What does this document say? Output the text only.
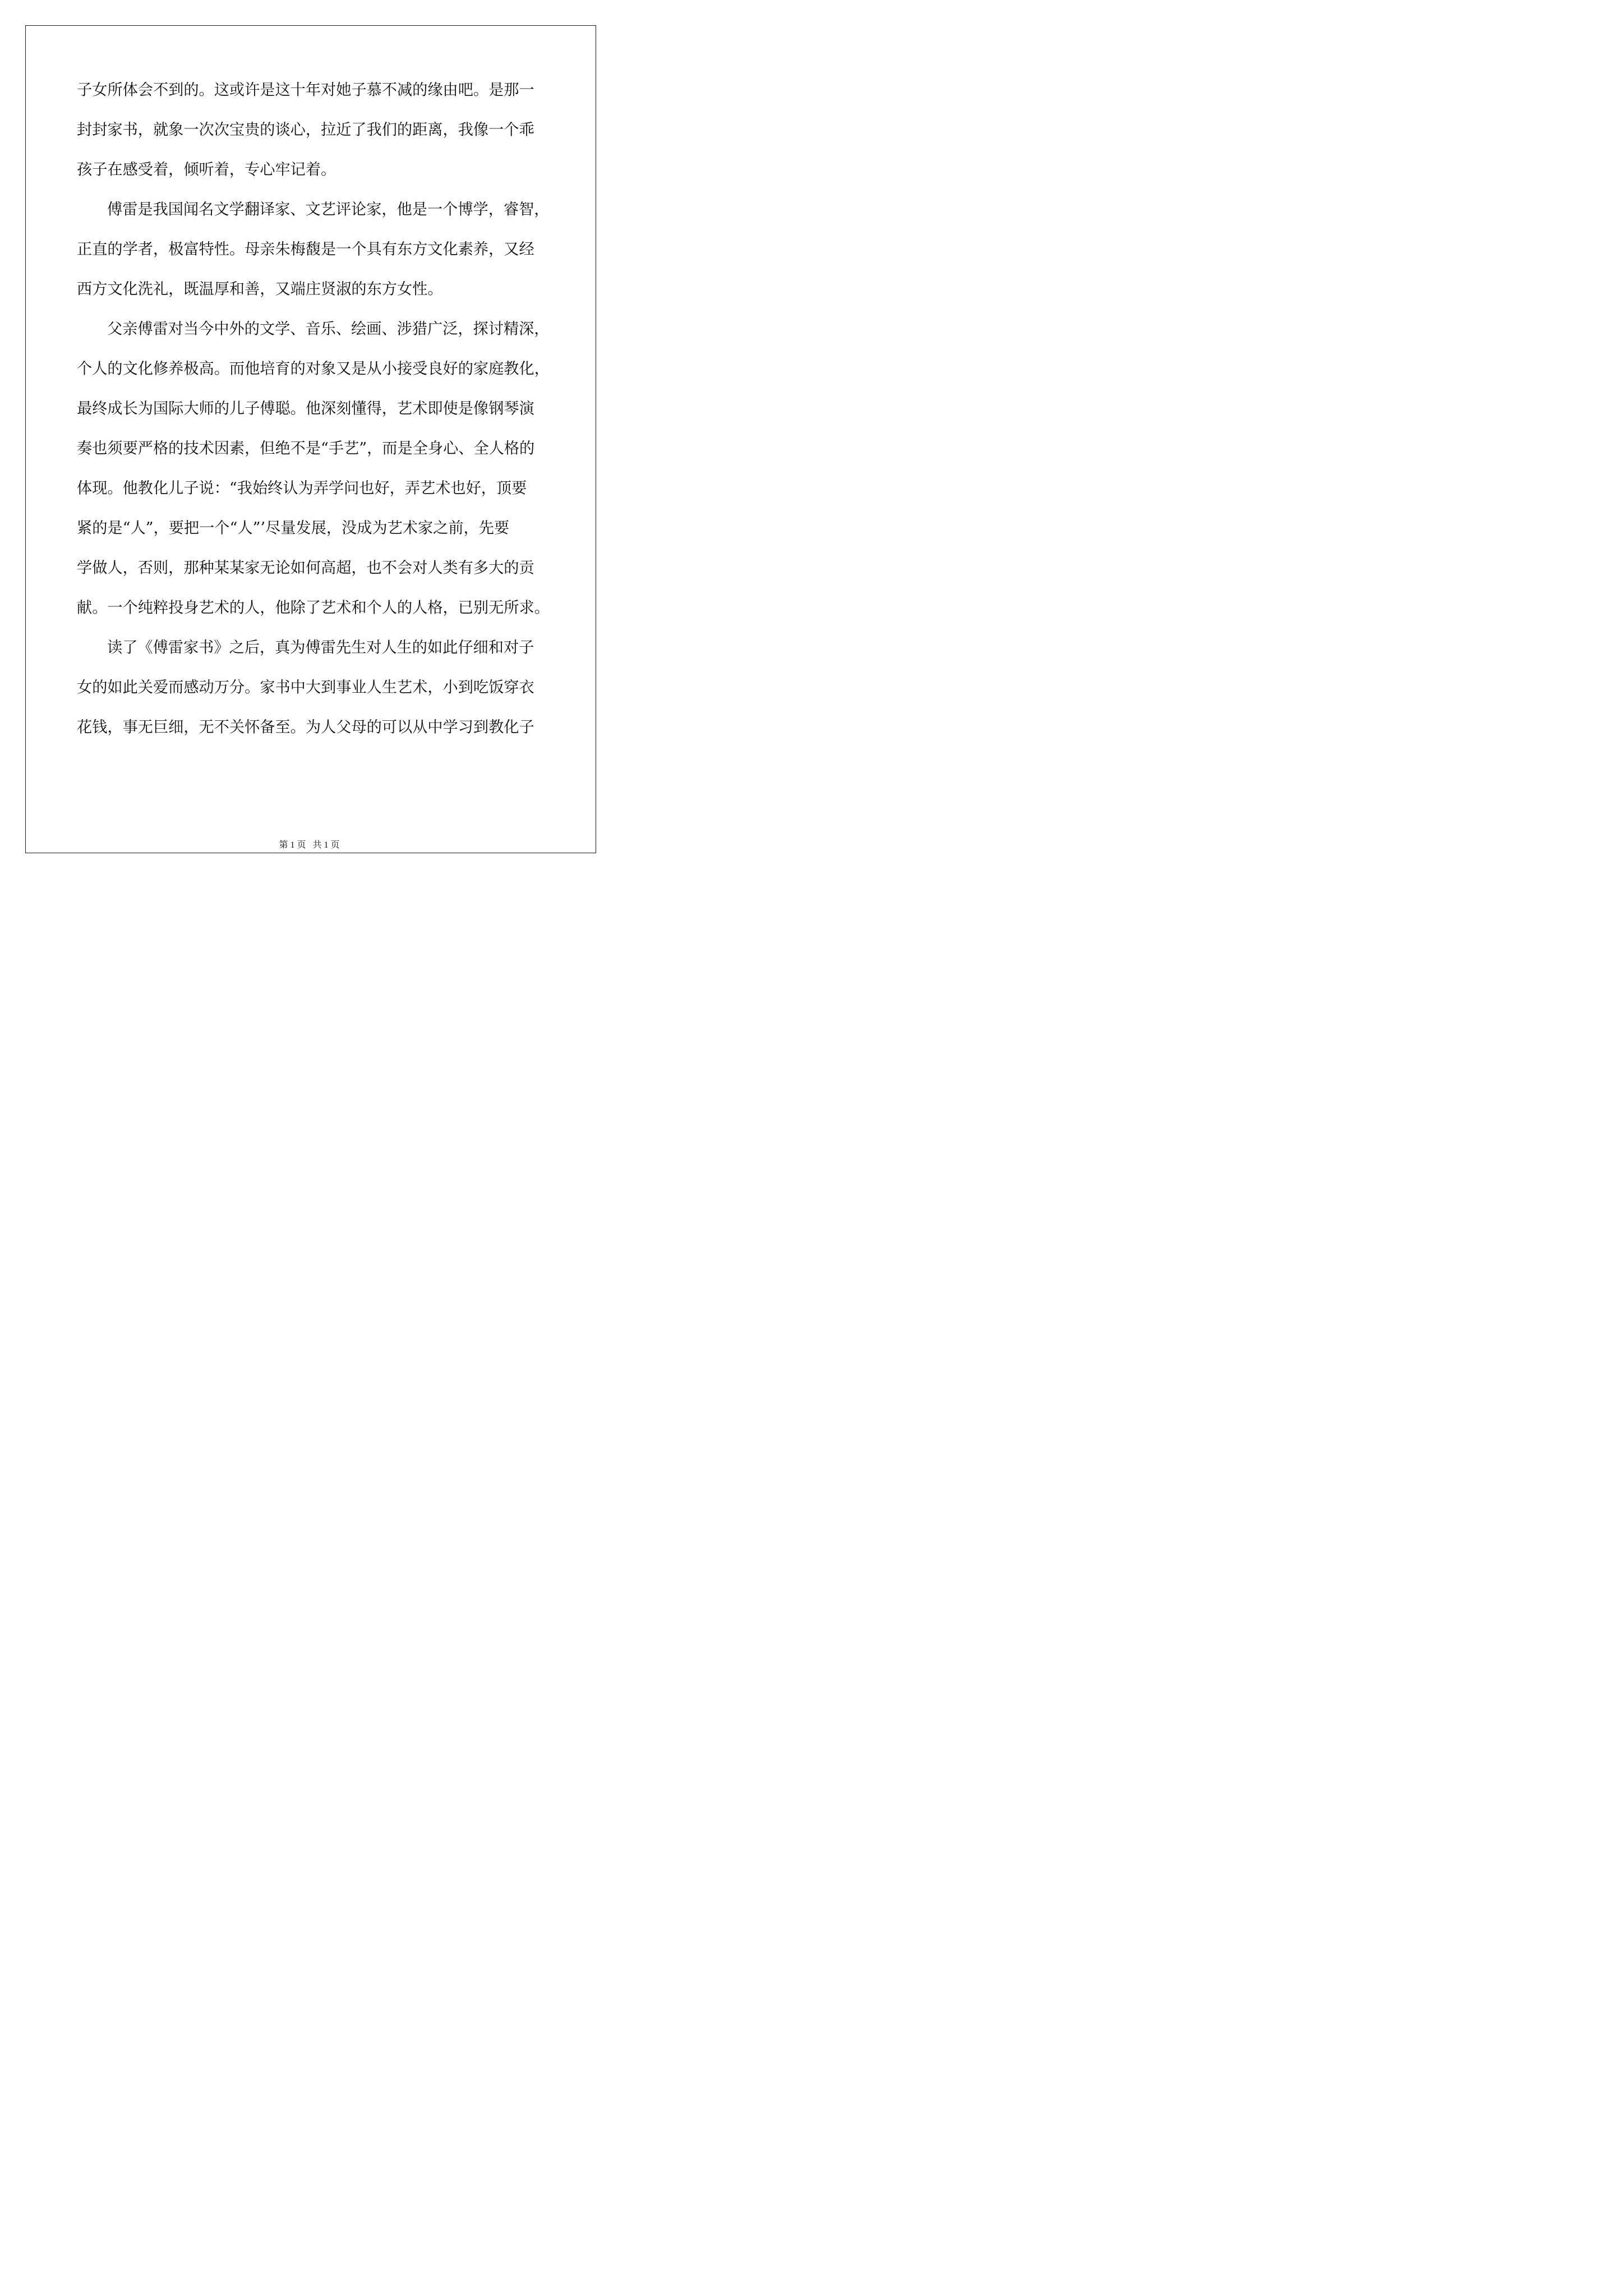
子女所体会不到的。这或许是这十年对她子慕不减的缘由吧。是那一

封封家书，就象一次次宝贵的谈心，拉近了我们的距离，我像一个乖

孩子在感受着，倾听着，专心牢记着。

傅雷是我国闻名文学翻译家、文艺评论家，他是一个博学，睿智，

正直的学者，极富特性。母亲朱梅馥是一个具有东方文化素养，又经

西方文化洗礼，既温厚和善，又端庄贤淑的东方女性。

父亲傅雷对当今中外的文学、音乐、绘画、涉猎广泛，探讨精深，

个人的文化修养极高。而他培育的对象又是从小接受良好的家庭教化，

最终成长为国际大师的儿子傅聪。他深刻懂得，艺术即使是像钢琴演

奏也须要严格的技术因素，但绝不是“手艺”，而是全身心、全人格的

体现。他教化儿子说：“我始终认为弄学问也好，弄艺术也好，顶要

紧的是“人”，要把一个“人”’尽量发展，没成为艺术家之前，先要

学做人，否则，那种某某家无论如何高超，也不会对人类有多大的贡

献。一个纯粹投身艺术的人，他除了艺术和个人的人格，已别无所求。

读了《傅雷家书》之后，真为傅雷先生对人生的如此仔细和对子

女的如此关爱而感动万分。家书中大到事业人生艺术，小到吃饭穿衣

花钱，事无巨细，无不关怀备至。为人父母的可以从中学习到教化子

第 1 页   共 1 页
